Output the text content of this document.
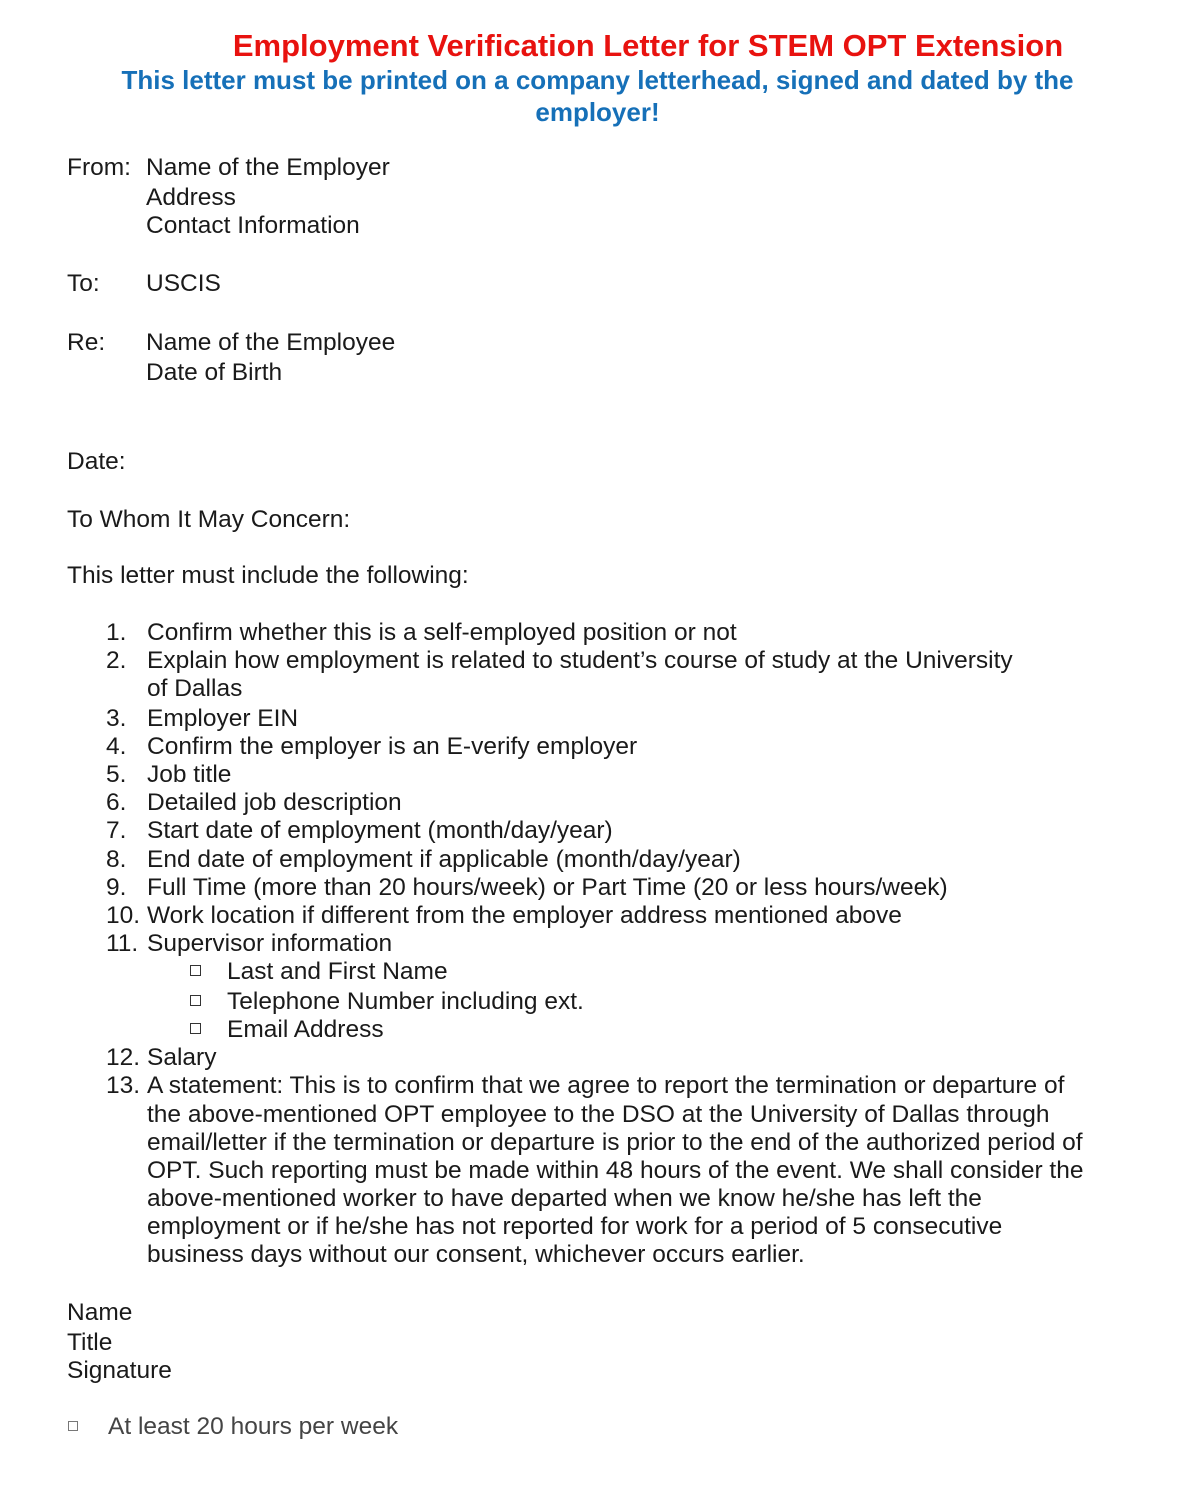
Employment Verification Letter for STEM OPT Extension
This letter must be printed on a company letterhead, signed and dated by the employer!
From: Name of the Employer
Address
Contact Information
To: USCIS
Re: Name of the Employee
Date of Birth
Date:
To Whom It May Concern:
This letter must include the following:
1. Confirm whether this is a self-employed position or not
2. Explain how employment is related to student’s course of study at the University
of Dallas
3. Employer EIN
4. Confirm the employer is an E-verify employer
5. Job title
6. Detailed job description
7. Start date of employment (month/day/year)
8. End date of employment if applicable (month/day/year)
9. Full Time (more than 20 hours/week) or Part Time (20 or less hours/week)
10. Work location if different from the employer address mentioned above
11. Supervisor information
Last and First Name
Telephone Number including ext.
Email Address
12. Salary
13. A statement: This is to confirm that we agree to report the termination or departure of
the above-mentioned OPT employee to the DSO at the University of Dallas through
email/letter if the termination or departure is prior to the end of the authorized period of
OPT. Such reporting must be made within 48 hours of the event. We shall consider the
above-mentioned worker to have departed when we know he/she has left the
employment or if he/she has not reported for work for a period of 5 consecutive
business days without our consent, whichever occurs earlier.
Name
Title
Signature
At least 20 hours per week
